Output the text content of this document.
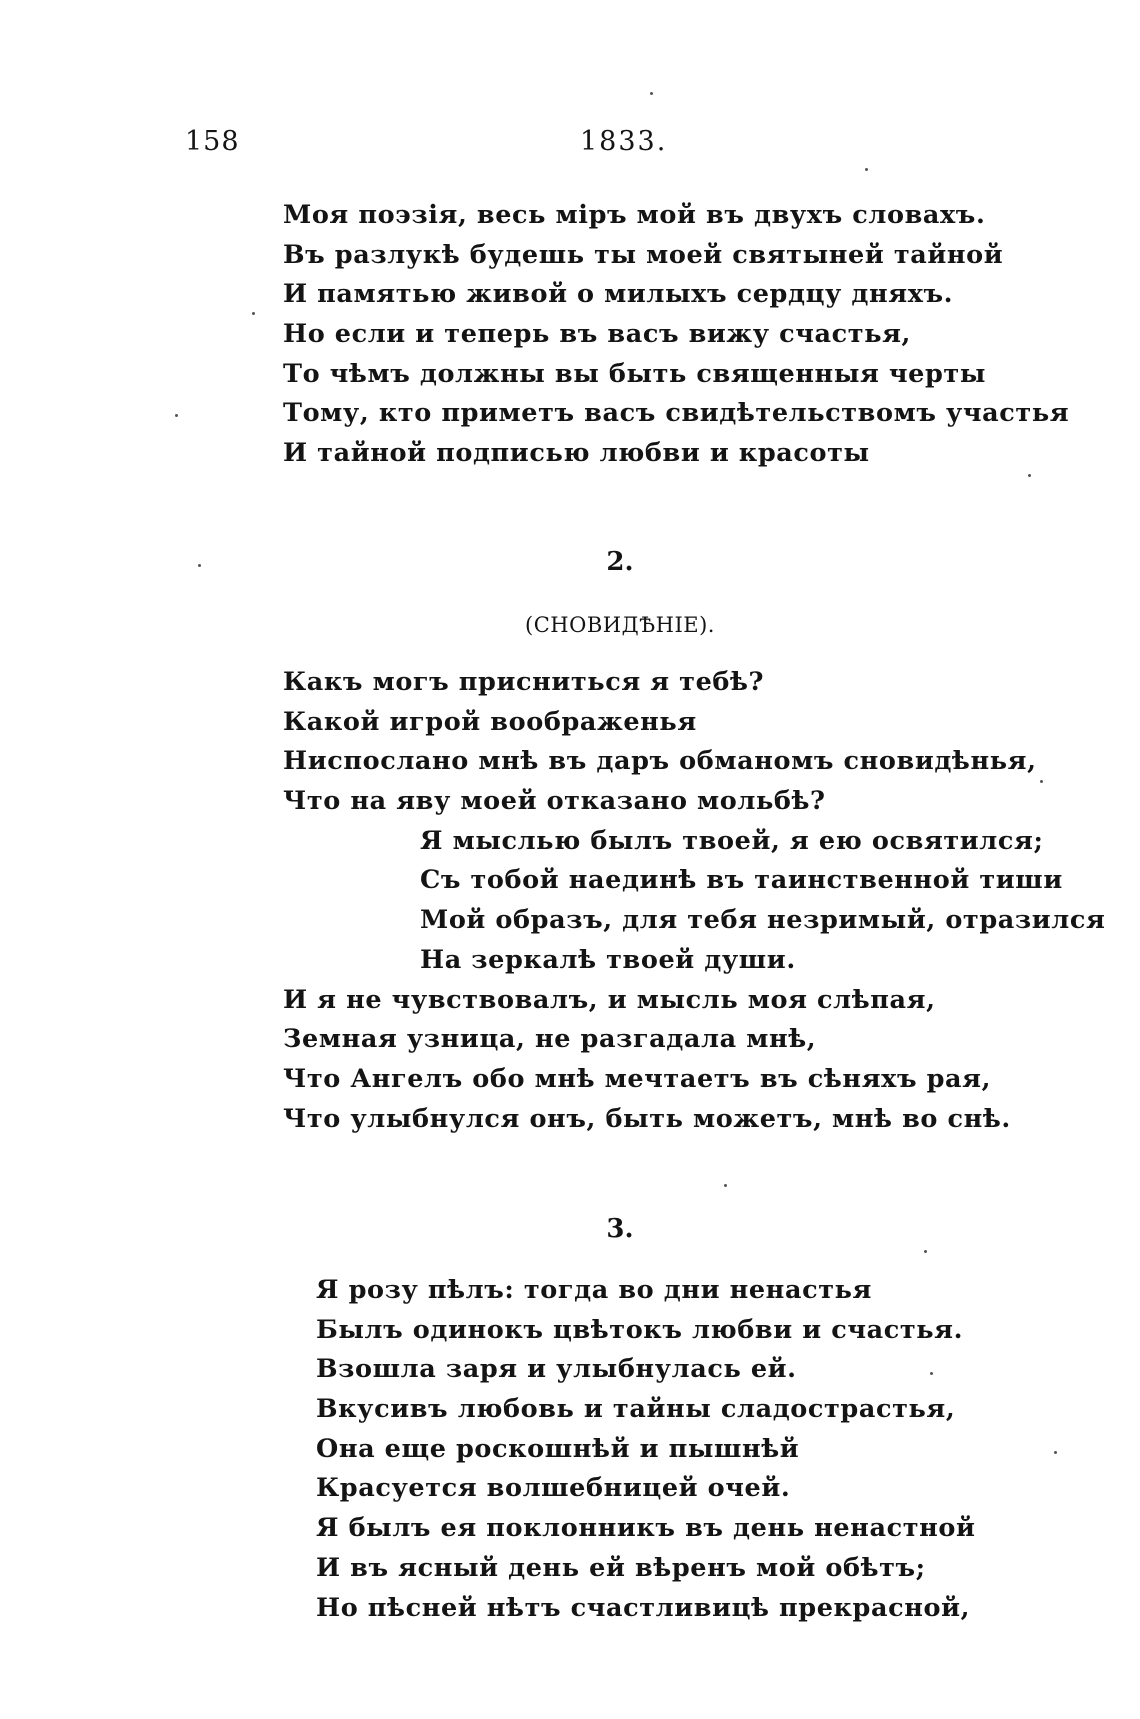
158	1833.
Моя поэзія, весь міръ мой въ двухъ словахъ.
Въ разлукѣ будешь ты моей святыней тайной
И памятью живой о милыхъ сердцу дняхъ.
Но если и теперь въ васъ вижу счастья,
То чѣмъ должны вы быть священныя черты
Тому, кто приметъ васъ свидѣтельствомъ участья
И тайной подписью любви и красоты
2.
(СНОВИДѢНІЕ).
Какъ могъ присниться я тебѣ?
Какой игрой воображенья
Ниспослано мнѣ въ даръ обманомъ сновидѣнья,
Что на яву моей отказано мольбѣ?
Я мыслью былъ твоей, я ею освятился;
Съ тобой наединѣ въ таинственной тиши
Мой образъ, для тебя незримый, отразился
На зеркалѣ твоей души.
И я не чувствовалъ, и мысль моя слѣпая,
Земная узница, не разгадала мнѣ,
Что Ангелъ обо мнѣ мечтаетъ въ сѣняхъ рая,
Что улыбнулся онъ, быть можетъ, мнѣ во снѣ.
3.
Я розу пѣлъ: тогда во дни ненастья
Былъ одинокъ цвѣтокъ любви и счастья.
Взошла заря и улыбнулась ей.
Вкусивъ любовь и тайны сладострастья,
Она еще роскошнѣй и пышнѣй
Красуется волшебницей очей.
Я былъ ея поклонникъ въ день ненастной
И въ ясный день ей вѣренъ мой обѣтъ;
Но пѣсней нѣтъ счастливицѣ прекрасной,
